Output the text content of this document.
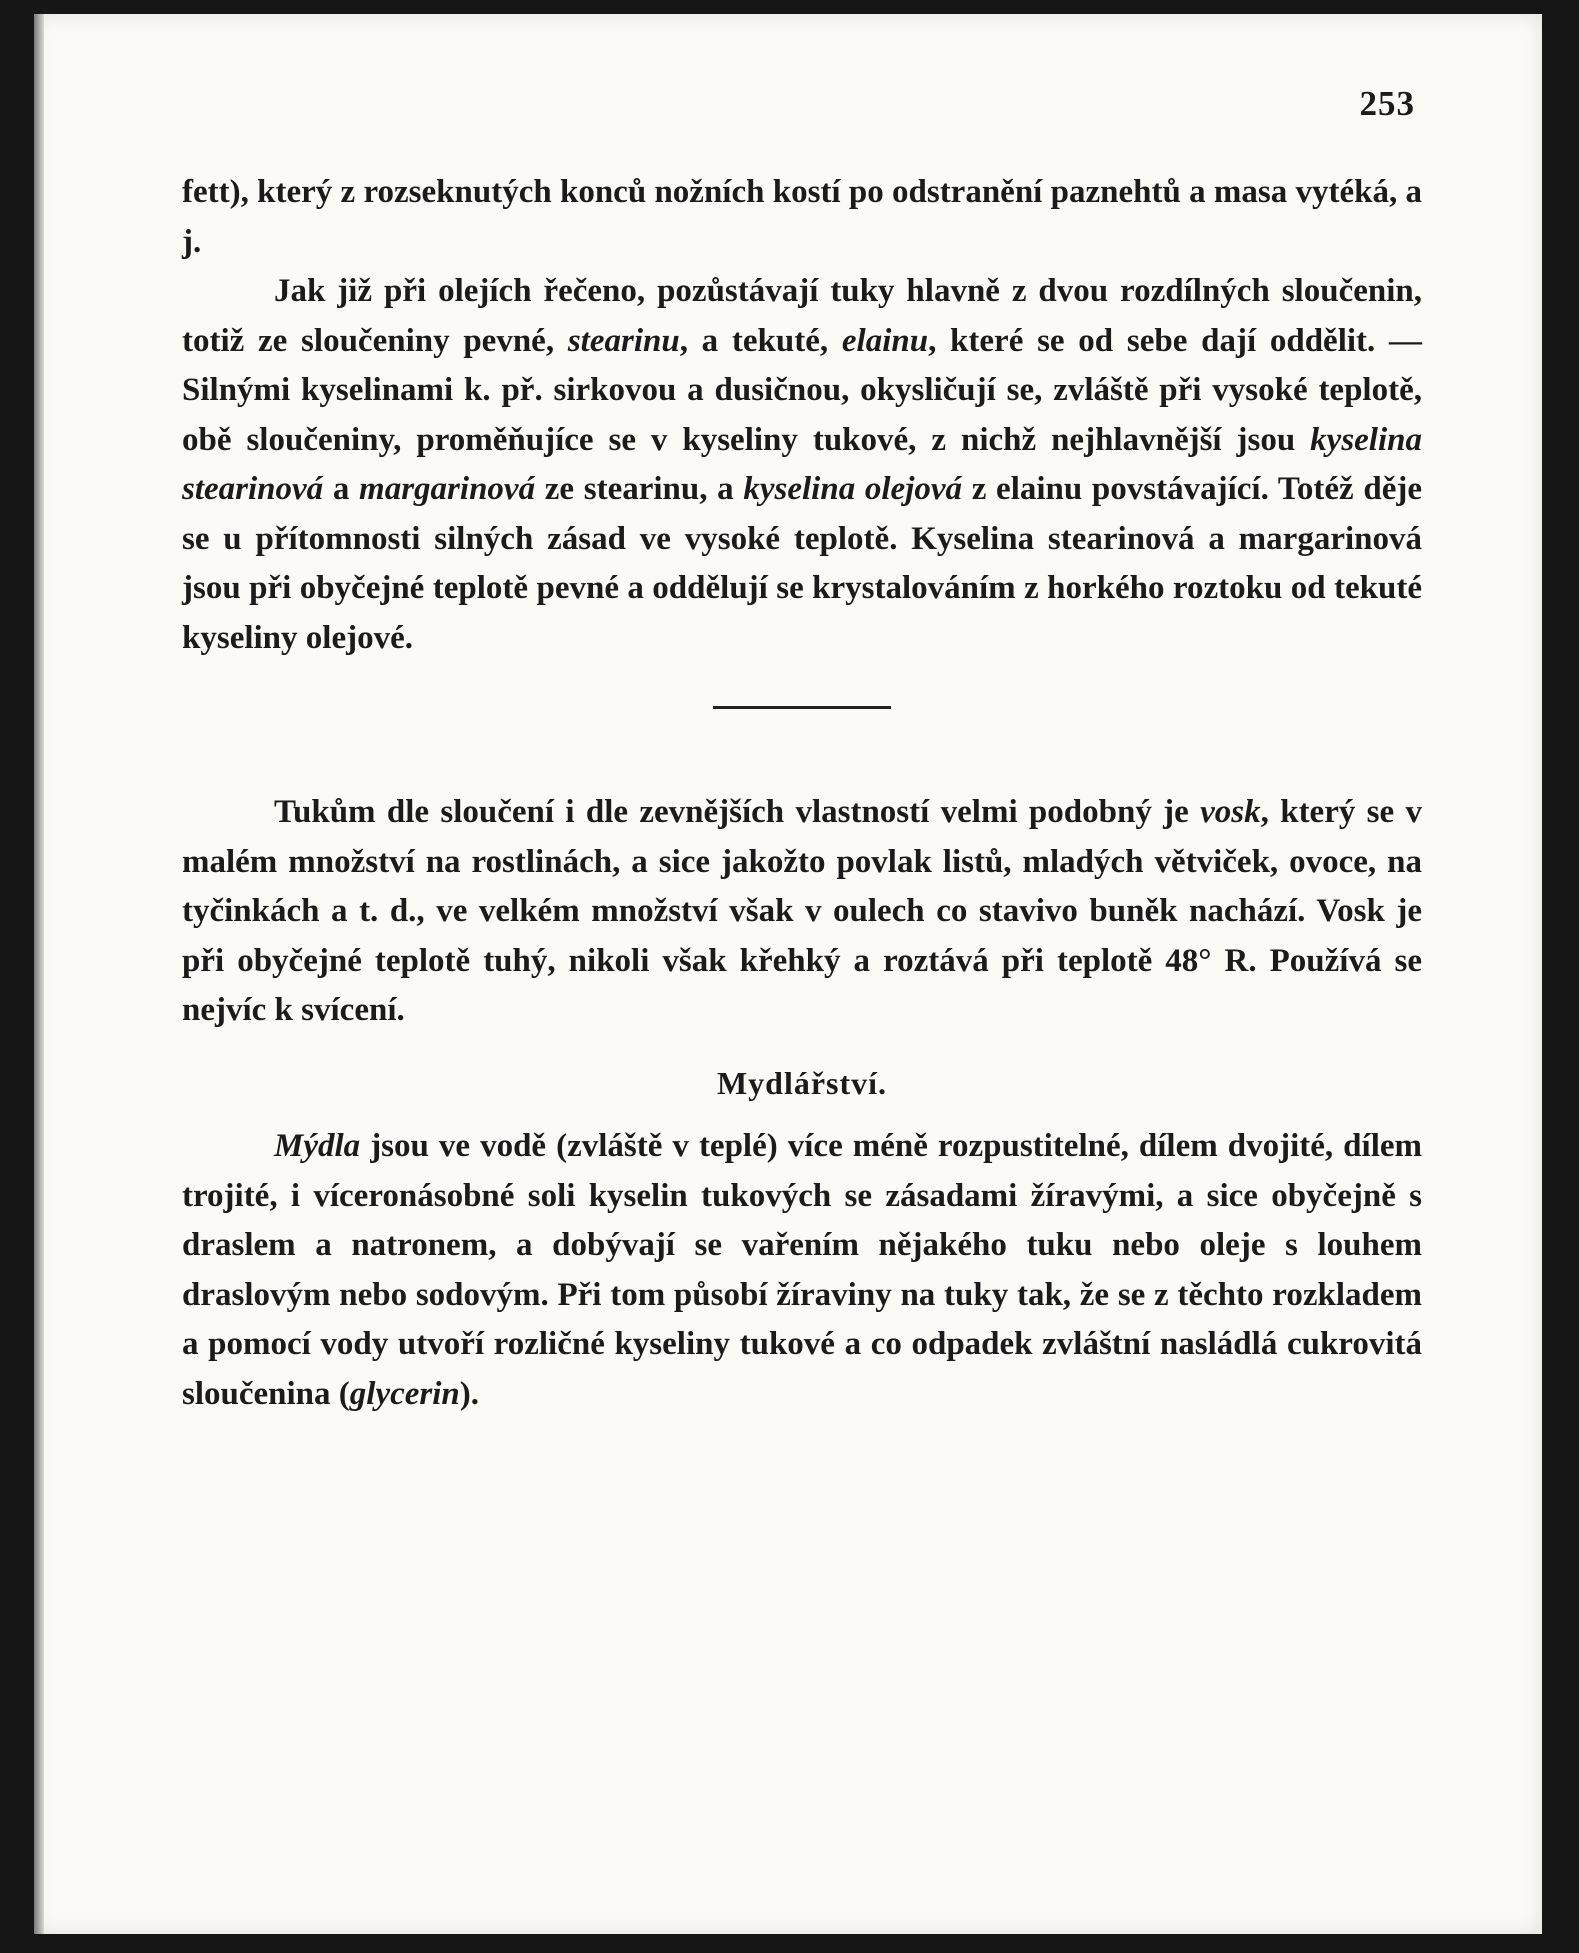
253

fett), který z rozseknutých konců nožních kostí po odstranění paznehtů a masa vytéká, a j.

Jak již při olejích řečeno, pozůstávají tuky hlavně z dvou rozdílných sloučenin, totiž ze sloučeniny pevné, stearinu, a tekuté, elainu, které se od sebe dají oddělit. — Silnými kyselinami k. př. sirkovou a dusičnou, okysličují se, zvláště při vysoké teplotě, obě sloučeniny, proměňujíce se v kyseliny tukové, z nichž nejhlavnější jsou kyselina stearinová a margarinová ze stearinu, a kyselina olejová z elainu povstávající. Totéž děje se u přítomnosti silných zásad ve vysoké teplotě. Kyselina stearinová a margarinová jsou při obyčejné teplotě pevné a oddělují se krystalováním z horkého roztoku od tekuté kyseliny olejové.

Tukům dle sloučení i dle zevnějších vlastností velmi podobný je vosk, který se v malém množství na rostlinách, a sice jakožto povlak listů, mladých větviček, ovoce, na tyčinkách a t. d., ve velkém množství však v oulech co stavivo buněk nachází. Vosk je při obyčejné teplotě tuhý, nikoli však křehký a roztává při teplotě 48° R. Používá se nejvíc k svícení.

Mydlářství.

Mýdla jsou ve vodě (zvláště v teplé) více méně rozpustitelné, dílem dvojité, dílem trojité, i víceronásobné soli kyselin tukových se zásadami žíravými, a sice obyčejně s draslem a natronem, a dobývají se vařením nějakého tuku nebo oleje s louhem draslovým nebo sodovým. Při tom působí žíraviny na tuky tak, že se z těchto rozkladem a pomocí vody utvoří rozličné kyseliny tukové a co odpadek zvláštní nasládlá cukrovitá sloučenina (glycerin).
